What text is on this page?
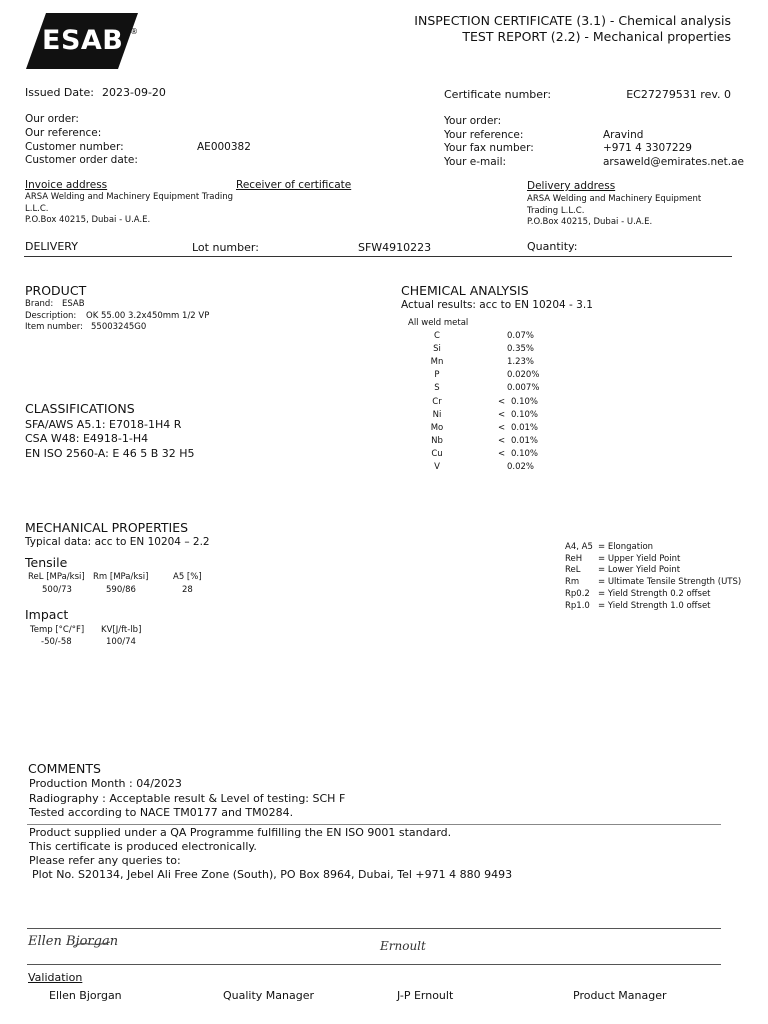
ESAB ®
INSPECTION CERTIFICATE (3.1) - Chemical analysis
TEST REPORT (2.2) - Mechanical properties
Issued Date: 2023-09-20	Certificate number:	EC27279531 rev. 0
Our order:
Our reference:
Customer number:	AE000382
Customer order date:
Your order:
Your reference:	Aravind
Your fax number:	+971 4 3307229
Your e-mail:	arsaweld@emirates.net.ae
Invoice address
ARSA Welding and Machinery Equipment Trading
L.L.C.
P.O.Box 40215, Dubai - U.A.E.
Receiver of certificate	Delivery address
ARSA Welding and Machinery Equipment
Trading L.L.C.
P.O.Box 40215, Dubai - U.A.E.
DELIVERY	Lot number:	SFW4910223	Quantity:
PRODUCT
Brand: ESAB
Description: OK 55.00 3.2x450mm 1/2 VP
Item number: 55003245G0
CLASSIFICATIONS
SFA/AWS A5.1: E7018-1H4 R
CSA W48: E4918-1-H4
EN ISO 2560-A: E 46 5 B 32 H5
CHEMICAL ANALYSIS
Actual results: acc to EN 10204 - 3.1
All weld metal
C	0.07%
Si	0.35%
Mn	1.23%
P	0.020%
S	0.007%
Cr	< 0.10%
Ni	< 0.10%
Mo	< 0.01%
Nb	< 0.01%
Cu	< 0.10%
V	0.02%
MECHANICAL PROPERTIES
Typical data: acc to EN 10204 – 2.2
Tensile
ReL [MPa/ksi] Rm [MPa/ksi]	A5 [%]
500/73	590/86	28
Impact
Temp [°C/°F] KV[J/ft-lb]
-50/-58	100/74
A4, A5 = Elongation
ReH = Upper Yield Point
ReL = Lower Yield Point
Rm = Ultimate Tensile Strength (UTS)
Rp0.2 = Yield Strength 0.2 offset
Rp1.0 = Yield Strength 1.0 offset
COMMENTS
Production Month : 04/2023
Radiography : Acceptable result & Level of testing: SCH F
Tested according to NACE TM0177 and TM0284.
Product supplied under a QA Programme fulfilling the EN ISO 9001 standard.
This certificate is produced electronically.
Please refer any queries to:
Plot No. S20134, Jebel Ali Free Zone (South), PO Box 8964, Dubai, Tel +971 4 880 9493
Ellen Bjorgan	Ernoult
Validation
Ellen Bjorgan	Quality Manager	J-P Ernoult	Product Manager
